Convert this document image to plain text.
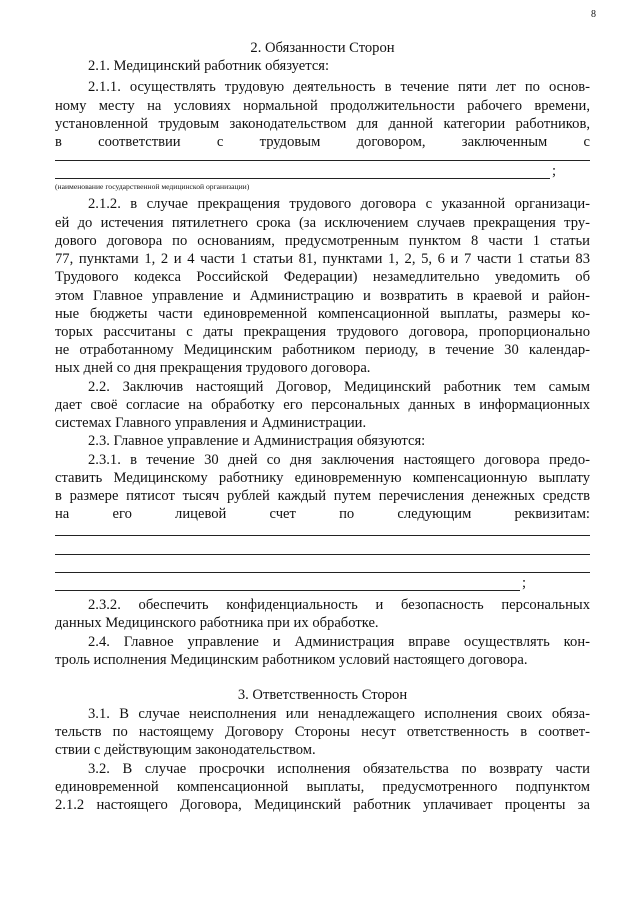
8
2. Обязанности Сторон
2.1. Медицинский работник обязуется:
2.1.1. осуществлять трудовую деятельность в течение пяти лет по основ-
ному месту на условиях нормальной продолжительности рабочего времени,
установленной трудовым законодательством для данной категории работников,
в соответствии с трудовым договором, заключенным с
;
(наименование государственной медицинской организации)
2.1.2. в случае прекращения трудового договора с указанной организаци-
ей до истечения пятилетнего срока (за исключением случаев прекращения тру-
дового договора по основаниям, предусмотренным пунктом 8 части 1 статьи
77, пунктами 1, 2 и 4 части 1 статьи 81, пунктами 1, 2, 5, 6 и 7 части 1 статьи 83
Трудового кодекса Российской Федерации) незамедлительно уведомить об
этом Главное управление и Администрацию и возвратить в краевой и район-
ные бюджеты части единовременной компенсационной выплаты, размеры ко-
торых рассчитаны с даты прекращения трудового договора, пропорционально
не отработанному Медицинским работником периоду, в течение 30 календар-
ных дней со дня прекращения трудового договора.
2.2. Заключив настоящий Договор, Медицинский работник тем самым
дает своё согласие на обработку его персональных данных в информационных
системах Главного управления и Администрации.
2.3. Главное управление и Администрация обязуются:
2.3.1. в течение 30 дней со дня заключения настоящего договора предо-
ставить Медицинскому работнику единовременную компенсационную выплату
в размере пятисот тысяч рублей каждый путем перечисления денежных средств
на его лицевой счет по следующим реквизитам:
;
2.3.2. обеспечить конфиденциальность и безопасность персональных
данных Медицинского работника при их обработке.
2.4. Главное управление и Администрация вправе осуществлять кон-
троль исполнения Медицинским работником условий настоящего договора.
3. Ответственность Сторон
3.1. В случае неисполнения или ненадлежащего исполнения своих обяза-
тельств по настоящему Договору Стороны несут ответственность в соответ-
ствии с действующим законодательством.
3.2. В случае просрочки исполнения обязательства по возврату части
единовременной компенсационной выплаты, предусмотренного подпунктом
2.1.2 настоящего Договора, Медицинский работник уплачивает проценты за
